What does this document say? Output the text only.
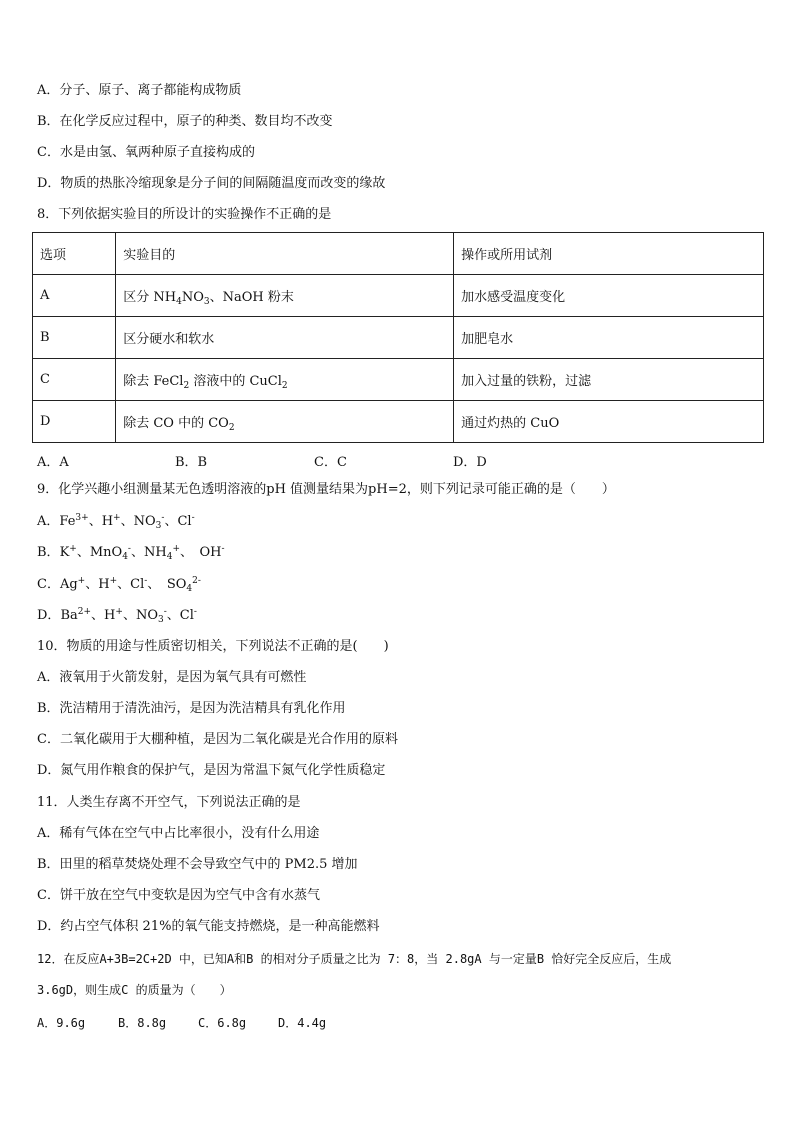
A．分子、原子、离子都能构成物质
B．在化学反应过程中，原子的种类、数目均不改变
C．水是由氢、氧两种原子直接构成的
D．物质的热胀冷缩现象是分子间的间隔随温度而改变的缘故
8．下列依据实验目的所设计的实验操作不正确的是
选项	实验目的	操作或所用试剂
A	区分 $NH_4NO_3$、NaOH 粉末	加水感受温度变化
B	区分硬水和软水	加肥皂水
C	除去 FeCl$_2$ 溶液中的 CuCl$_2$	加入过量的铁粉，过滤
D	除去 CO 中的 $CO_2$	通过灼热的 CuO
A．A	B．B	C．C	D．D
9．化学兴趣小组测量某无色透明溶液的pH 值测量结果为pH=2，则下列记录可能正确的是（　　）
A．$Fe^{3+}$、H+、$NO_3^-$、Cl-
B．K+、MnO$_4$-、$NH_4^+$、　OH-
C．Ag+、H+、Cl-、　$SO_4^{2-}$
D．$Ba^{2+}$、H+、$NO_3^-$、Cl-
10．物质的用途与性质密切相关，下列说法不正确的是(　　)
A．液氧用于火箭发射，是因为氧气具有可燃性
B．洗洁精用于清洗油污，是因为洗洁精具有乳化作用
C．二氧化碳用于大棚种植，是因为二氧化碳是光合作用的原料
D．氮气用作粮食的保护气，是因为常温下氮气化学性质稳定
11．人类生存离不开空气，下列说法正确的是
A．稀有气体在空气中占比率很小，没有什么用途
B．田里的稻草焚烧处理不会导致空气中的 PM2.5 增加
C．饼干放在空气中变软是因为空气中含有水蒸气
D．约占空气体积 21%的氧气能支持燃烧，是一种高能燃料
12．在反应A+3B=2C+2D 中，已知A和B 的相对分子质量之比为 7：8，当 2.8gA 与一定量B 恰好完全反应后，生成
3.6gD，则生成C 的质量为（　　）
A．9.6g	B．8.8g	C．6.8g	D．4.4g
